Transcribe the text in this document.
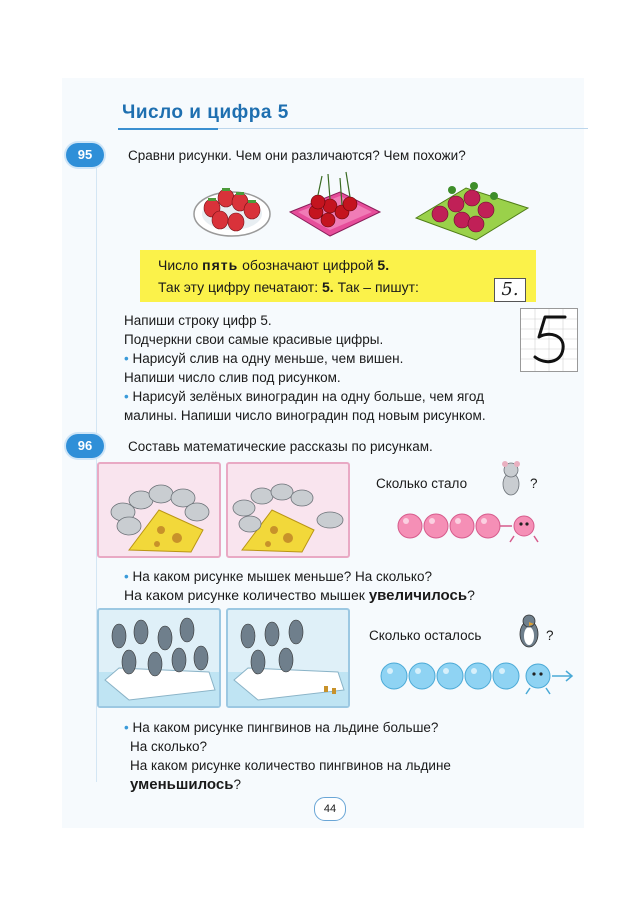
Число и цифра 5
95	Сравни рисунки. Чем они различаются? Чем похожи?

Число пять обозначают цифрой 5.
Так эту цифру печатают: 5. Так – пишут:	5.

Напиши строку цифр 5.

Подчеркни свои самые красивые цифры.

• Нарисуй слив на одну меньше, чем вишен.

Напиши число слив под рисунком.

• Нарисуй зелёных виноградин на одну больше, чем ягод

малины. Напиши число виноградин под новым рисунком.

96	Составь математические рассказы по рисункам.

Сколько стало	?

• На каком рисунке мышек меньше? На сколько?

На каком рисунке количество мышек увеличилось?

Сколько осталось	?

• На каком рисунке пингвинов на льдине больше?

На сколько?

На каком рисунке количество пингвинов на льдине

уменьшилось?

44
